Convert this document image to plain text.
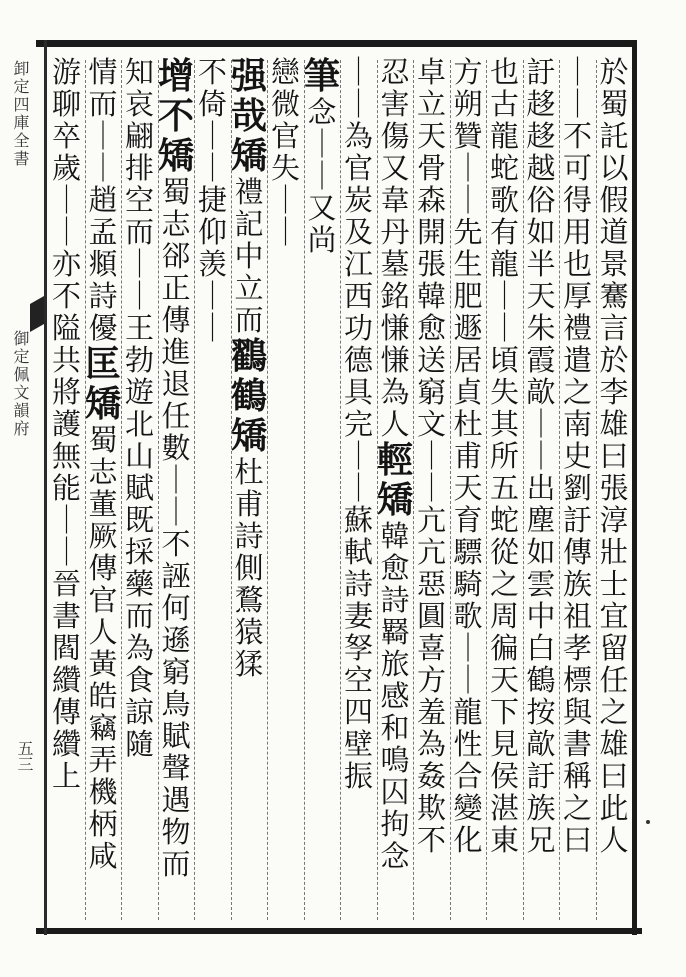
卸定四庫全書
御定佩文韻府
五三
於
蜀
託
以
假
道
景
騫
言
於
李
雄
曰
張
淳
壯
士
宜
留
任
之
雄
曰
此
人
｜
｜
不
可
得
用
也
厚
禮
遣
之
南
史
劉
訏
傳
族
祖
孝
標
與
書
稱
之
曰
訏
趍
趍
越
俗
如
半
天
朱
霞
歊
｜
｜
出
塵
如
雲
中
白
鶴
按
歊
訏
族
兄
也
古
龍
蛇
歌
有
龍
｜
｜
頃
失
其
所
五
蛇
從
之
周
徧
天
下
見
侯
湛
東
方
朔
贊
｜
｜
先
生
肥
遯
居
貞
杜
甫
天
育
驃
騎
歌
｜
｜
龍
性
合
變
化
卓
立
天
骨
森
開
張
韓
愈
送
窮
文
｜
｜
亢
亢
惡
圓
喜
方
羞
為
姦
欺
不
忍
害
傷
又
韋
丹
墓
銘
慊
慊
為
人
輕
矯
韓
愈
詩
羇
旅
感
和
鳴
囚
拘
念
｜
｜
為
官
炭
及
江
西
功
德
具
完
｜
｜
蘇
軾
詩
妻
孥
空
四
壁
振
筆
念
｜
｜
又
尚
戀
微
官
失
｜
｜
强
哉
矯
禮
記
中
立
而
鸐
鶴
矯
杜
甫
詩
側
鶩
猿
猱
不
倚
｜
｜
捷
仰
羡
｜
｜
增
不
矯
蜀
志
郤
正
傳
進
退
任
數
｜
｜
不
誣
何
遜
窮
鳥
賦
聲
遇
物
而
知
哀
翩
排
空
而
｜
｜
王
勃
遊
北
山
賦
既
採
藥
而
為
食
諒
隨
情
而
｜
｜
趙
孟
頫
詩
優
匡
矯
蜀
志
董
厥
傳
官
人
黃
皓
竊
弄
機
柄
咸
游
聊
卒
歲
｜
｜
亦
不
隘
共
將
護
無
能
｜
｜
晉
書
閻
纘
傳
纘
上
